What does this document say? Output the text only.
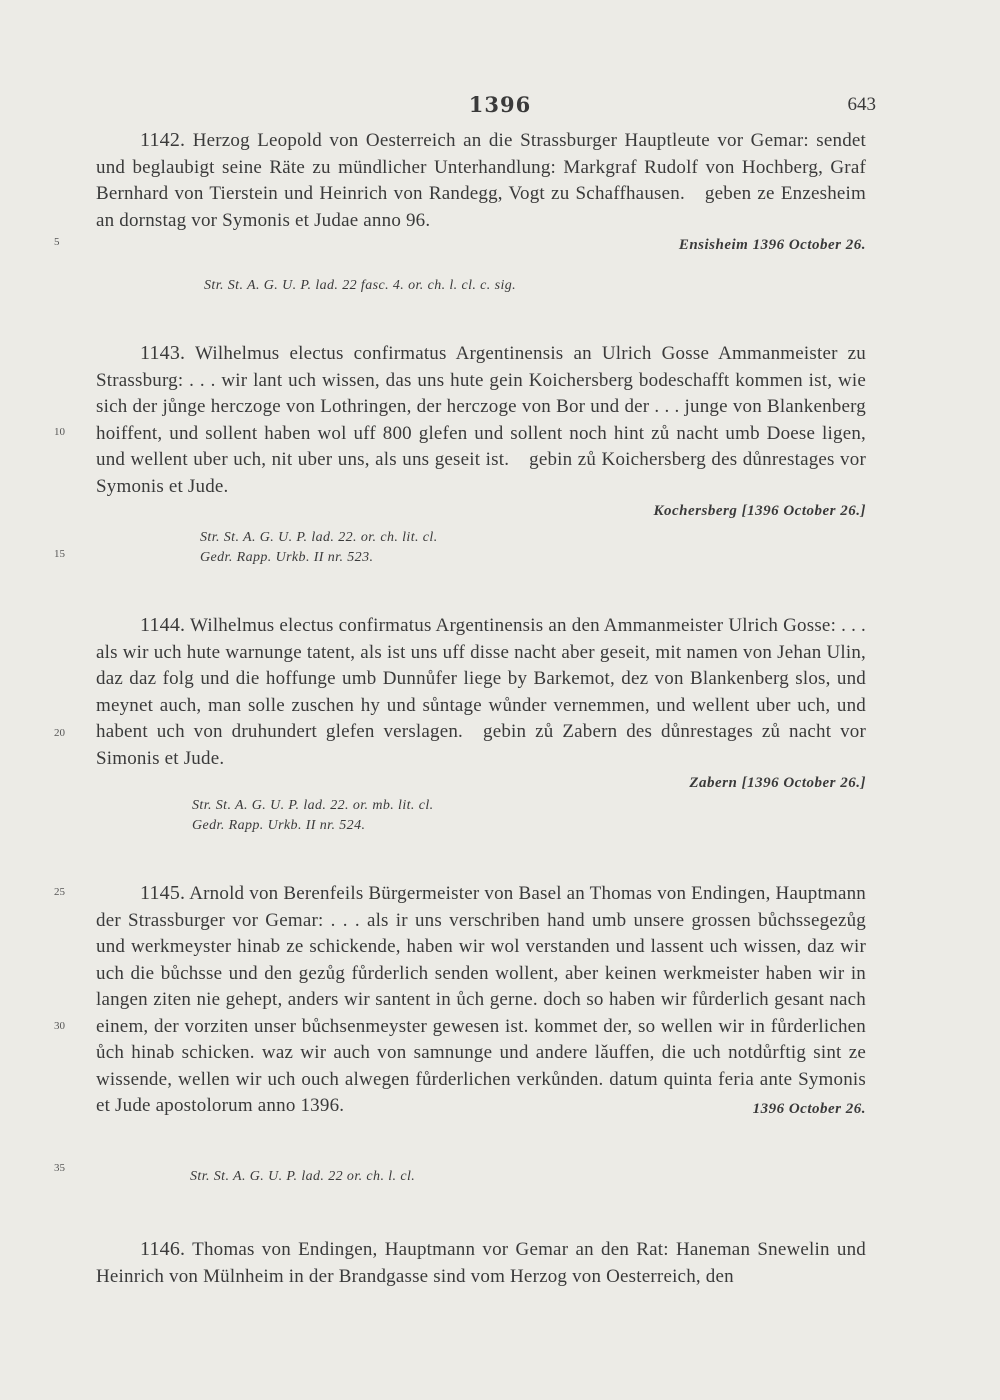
1396	643
5
10
15
20
25
30
35

1142. Herzog Leopold von Oesterreich an die Strassburger Hauptleute vor Gemar: sendet und beglaubigt seine Räte zu mündlicher Unterhandlung: Markgraf Rudolf von Hochberg, Graf Bernhard von Tierstein und Heinrich von Randegg, Vogt zu Schaffhausen. geben ze Enzesheim an dornstag vor Symonis et Judae anno 96.

Ensisheim 1396 October 26.
Str. St. A. G. U. P. lad. 22 fasc. 4. or. ch. l. cl. c. sig.

1143. Wilhelmus electus confirmatus Argentinensis an Ulrich Gosse Ammanmeister zu Strassburg: . . . wir lant uch wissen, das uns hute gein Koichersberg bodeschafft kommen ist, wie sich der jůnge herczoge von Lothringen, der herczoge von Bor und der . . . junge von Blankenberg hoiffent, und sollent haben wol uff 800 glefen und sollent noch hint zů nacht umb Doese ligen, und wellent uber uch, nit uber uns, als uns geseit ist. gebin zů Koichersberg des důnrestages vor Symonis et Jude.

Kochersberg [1396 October 26.]
Str. St. A. G. U. P. lad. 22. or. ch. lit. cl.
Gedr. Rapp. Urkb. II nr. 523.

1144. Wilhelmus electus confirmatus Argentinensis an den Ammanmeister Ulrich Gosse: . . . als wir uch hute warnunge tatent, als ist uns uff disse nacht aber geseit, mit namen von Jehan Ulin, daz daz folg und die hoffunge umb Dunnůfer liege by Barkemot, dez von Blankenberg slos, und meynet auch, man solle zuschen hy und sůntage wůnder vernemmen, und wellent uber uch, und habent uch von druhundert glefen verslagen. gebin zů Zabern des důnrestages zů nacht vor Simonis et Jude.

Zabern [1396 October 26.]
Str. St. A. G. U. P. lad. 22. or. mb. lit. cl.
Gedr. Rapp. Urkb. II nr. 524.

1145. Arnold von Berenfeils Bürgermeister von Basel an Thomas von Endingen, Hauptmann der Strassburger vor Gemar: . . . als ir uns verschriben hand umb unsere grossen bůchssegezůg und werkmeyster hinab ze schickende, haben wir wol verstanden und lassent uch wissen, daz wir uch die bůchsse und den gezůg fůrderlich senden wollent, aber keinen werkmeister haben wir in langen ziten nie gehept, anders wir santent in ůch gerne. doch so haben wir fůrderlich gesant nach einem, der vorziten unser bůchsenmeyster gewesen ist. kommet der, so wellen wir in fůrderlichen ůch hinab schicken. waz wir auch von samnunge und andere lǎuffen, die uch notdůrftig sint ze wissende, wellen wir uch ouch alwegen fůrderlichen verkůnden. datum quinta feria ante Symonis et Jude apostolorum anno 1396.	1396 October 26.
Str. St. A. G. U. P. lad. 22 or. ch. l. cl.

1146. Thomas von Endingen, Hauptmann vor Gemar an den Rat: Haneman Snewelin und Heinrich von Mülnheim in der Brandgasse sind vom Herzog von Oesterreich, den
